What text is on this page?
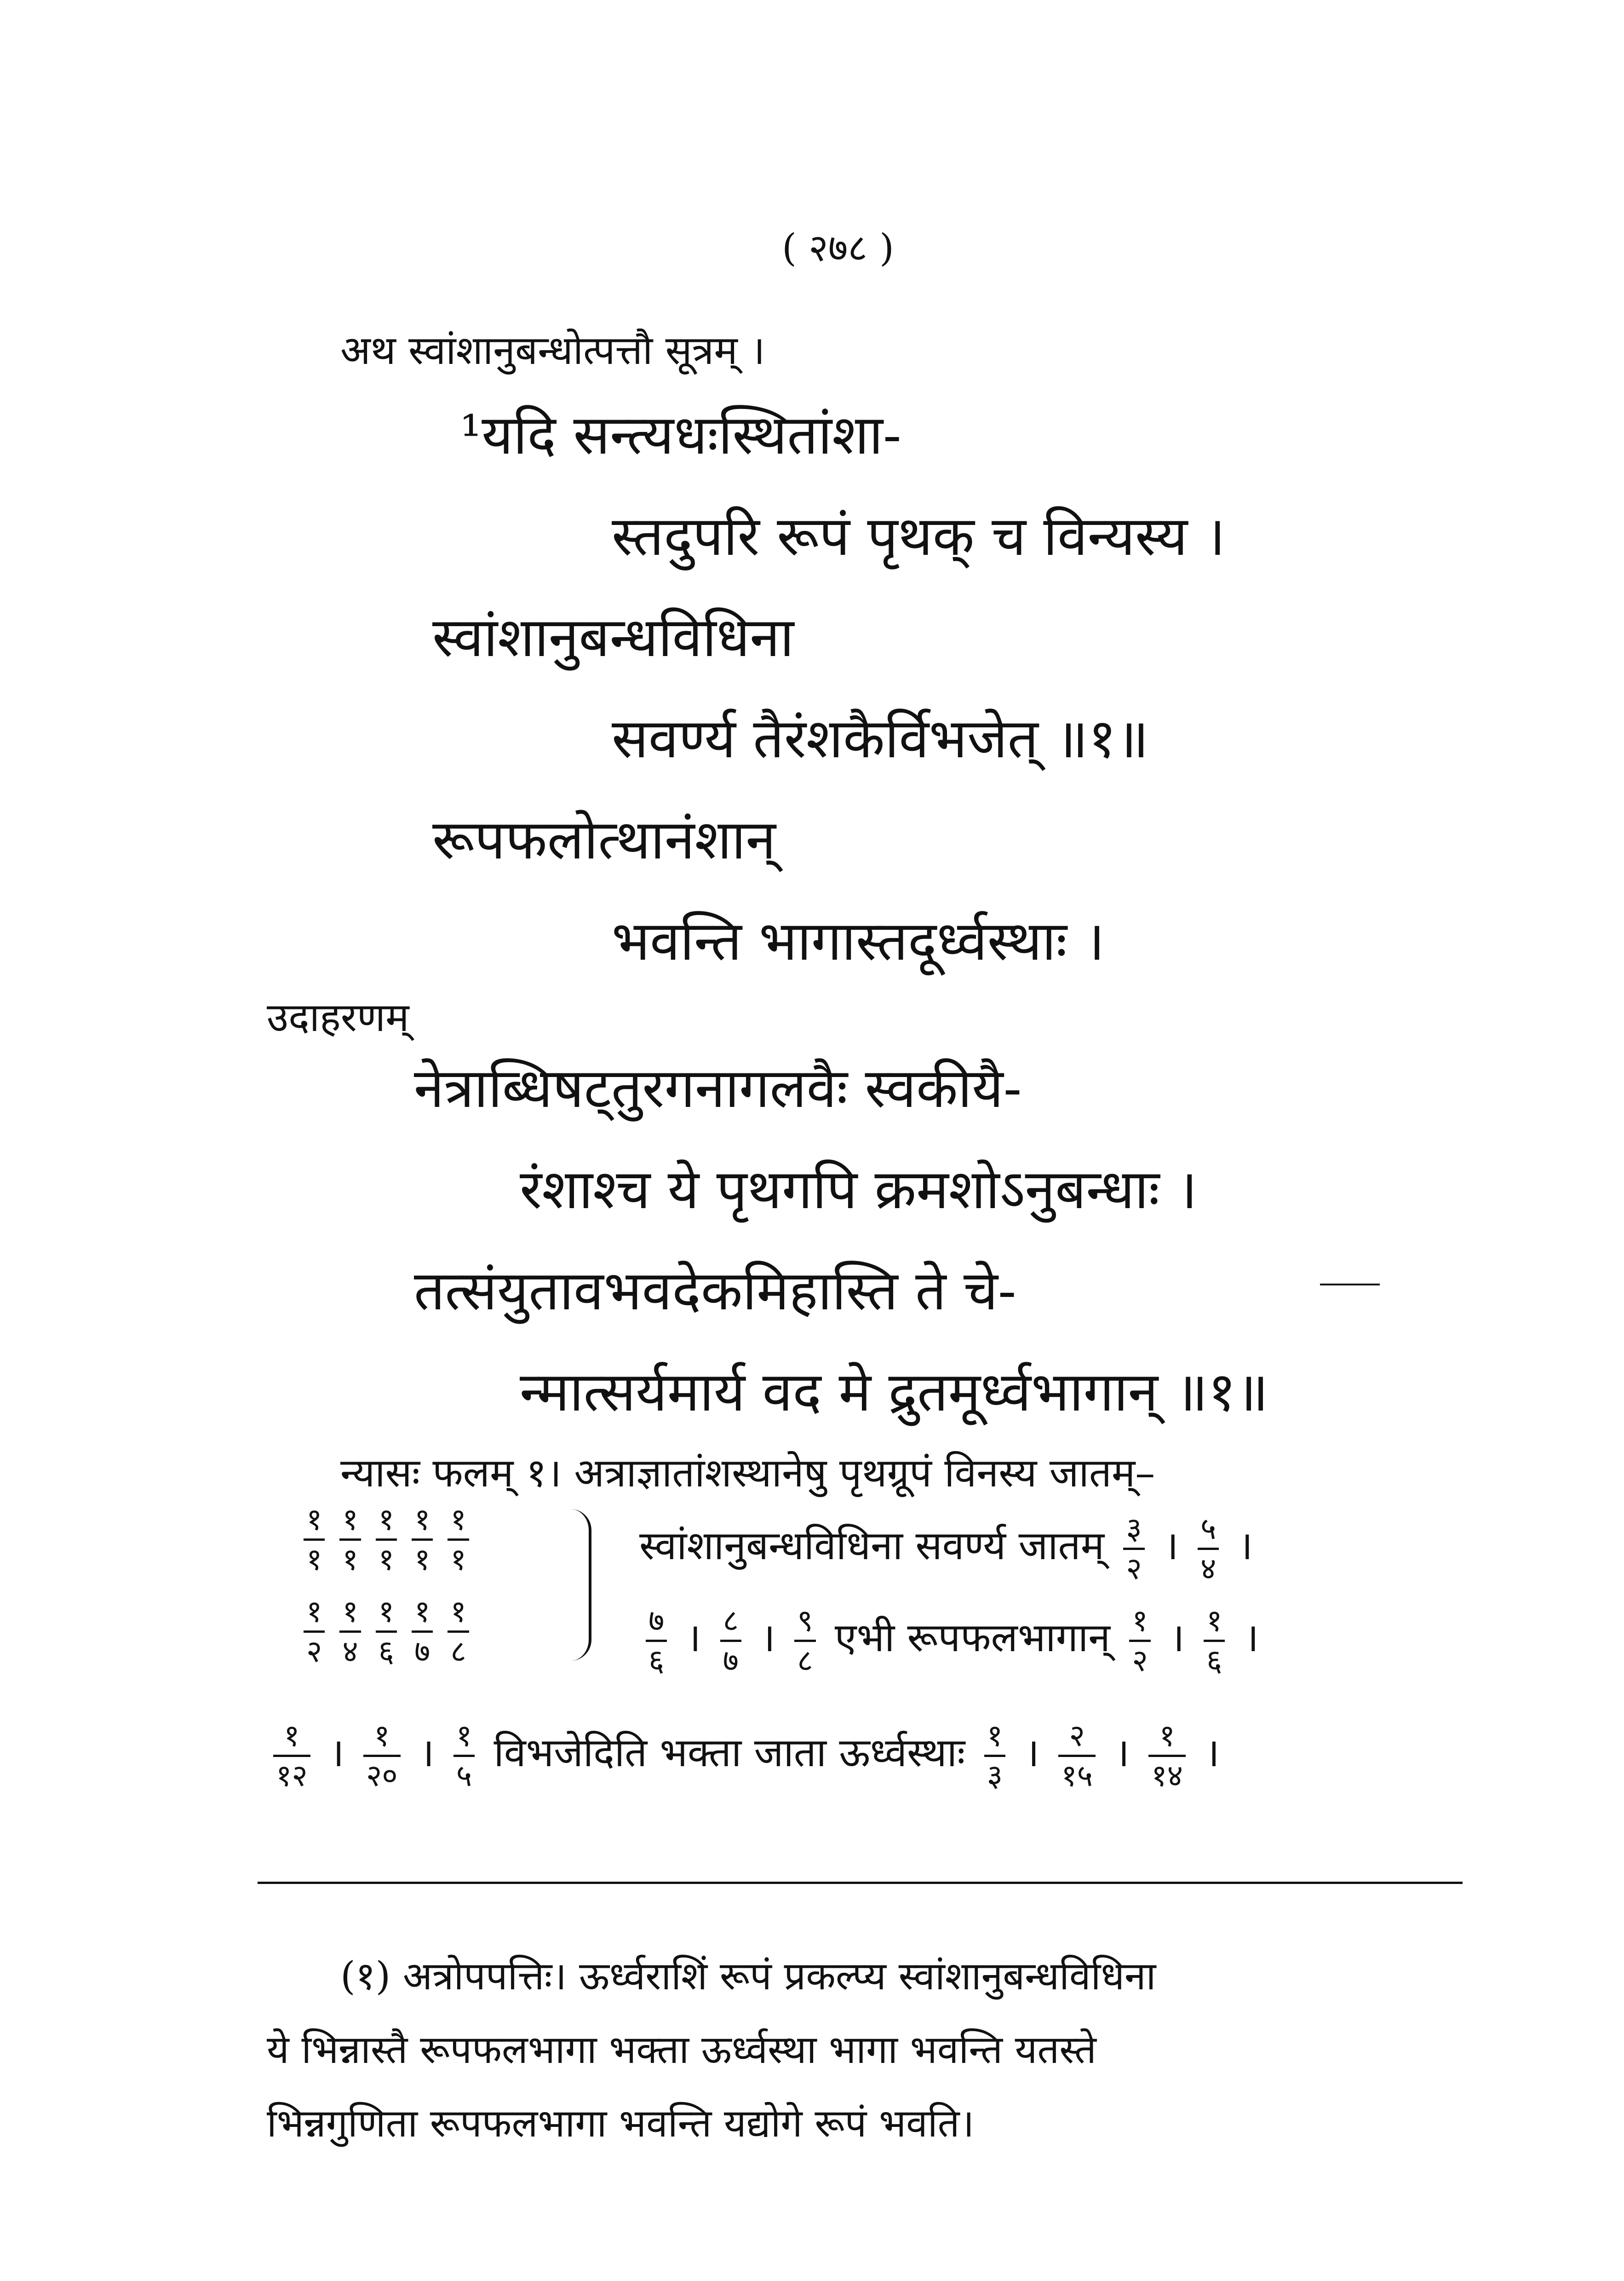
( २७८ )
अथ स्वांशानुबन्धोत्पत्तौ सूत्रम् ।
¹यदि सन्त्यधःस्थितांशा-
स्तदुपरि रूपं पृथक् च विन्यस्य ।
स्वांशानुबन्धविधिना
सवर्ण्य तैरंशकैर्विभजेत् ॥१॥
रूपफलोत्थानंशान्
भवन्ति भागास्तदूर्ध्वस्थाः ।
उदाहरणम्
नेत्राब्धिषट्तुरगनागलवैः स्वकीयै-
रंशाश्च ये पृथगपि क्रमशोऽनुबन्धाः ।
तत्संयुतावभवदेकमिहास्ति ते चे-
न्मात्सर्यमार्य वद मे द्रुतमूर्ध्वभागान् ॥१॥
न्यासः फलम् १। अत्राज्ञातांशस्थानेषु पृथग्रूपं विनस्य जातम्–
$\frac{१}{१} \frac{१}{१} \frac{१}{१} \frac{१}{१} \frac{१}{१}$
$\frac{१}{२} \frac{१}{४} \frac{१}{६} \frac{१}{७} \frac{१}{८}$
स्वांशानुबन्धविधिना सवर्ण्य जातम् $\frac{३}{२}$ । $\frac{५}{४}$ ।
$\frac{७}{६}$ । $\frac{८}{७}$ । $\frac{९}{८}$ एभी रूपफलभागान् $\frac{१}{२}$ । $\frac{१}{६}$ ।
$\frac{१}{१२}$ । $\frac{१}{२०}$ । $\frac{१}{५}$ विभजेदिति भक्ता जाता ऊर्ध्वस्थाः $\frac{१}{३}$ । $\frac{२}{१५}$ । $\frac{१}{१४}$ ।
(१) अत्रोपपत्तिः। ऊर्ध्वराशिं रूपं प्रकल्प्य स्वांशानुबन्धविधिना
ये भिन्नास्तै रूपफलभागा भक्ता ऊर्ध्वस्था भागा भवन्ति यतस्ते
भिन्नगुणिता रूपफलभागा भवन्ति यद्योगे रूपं भवति।
